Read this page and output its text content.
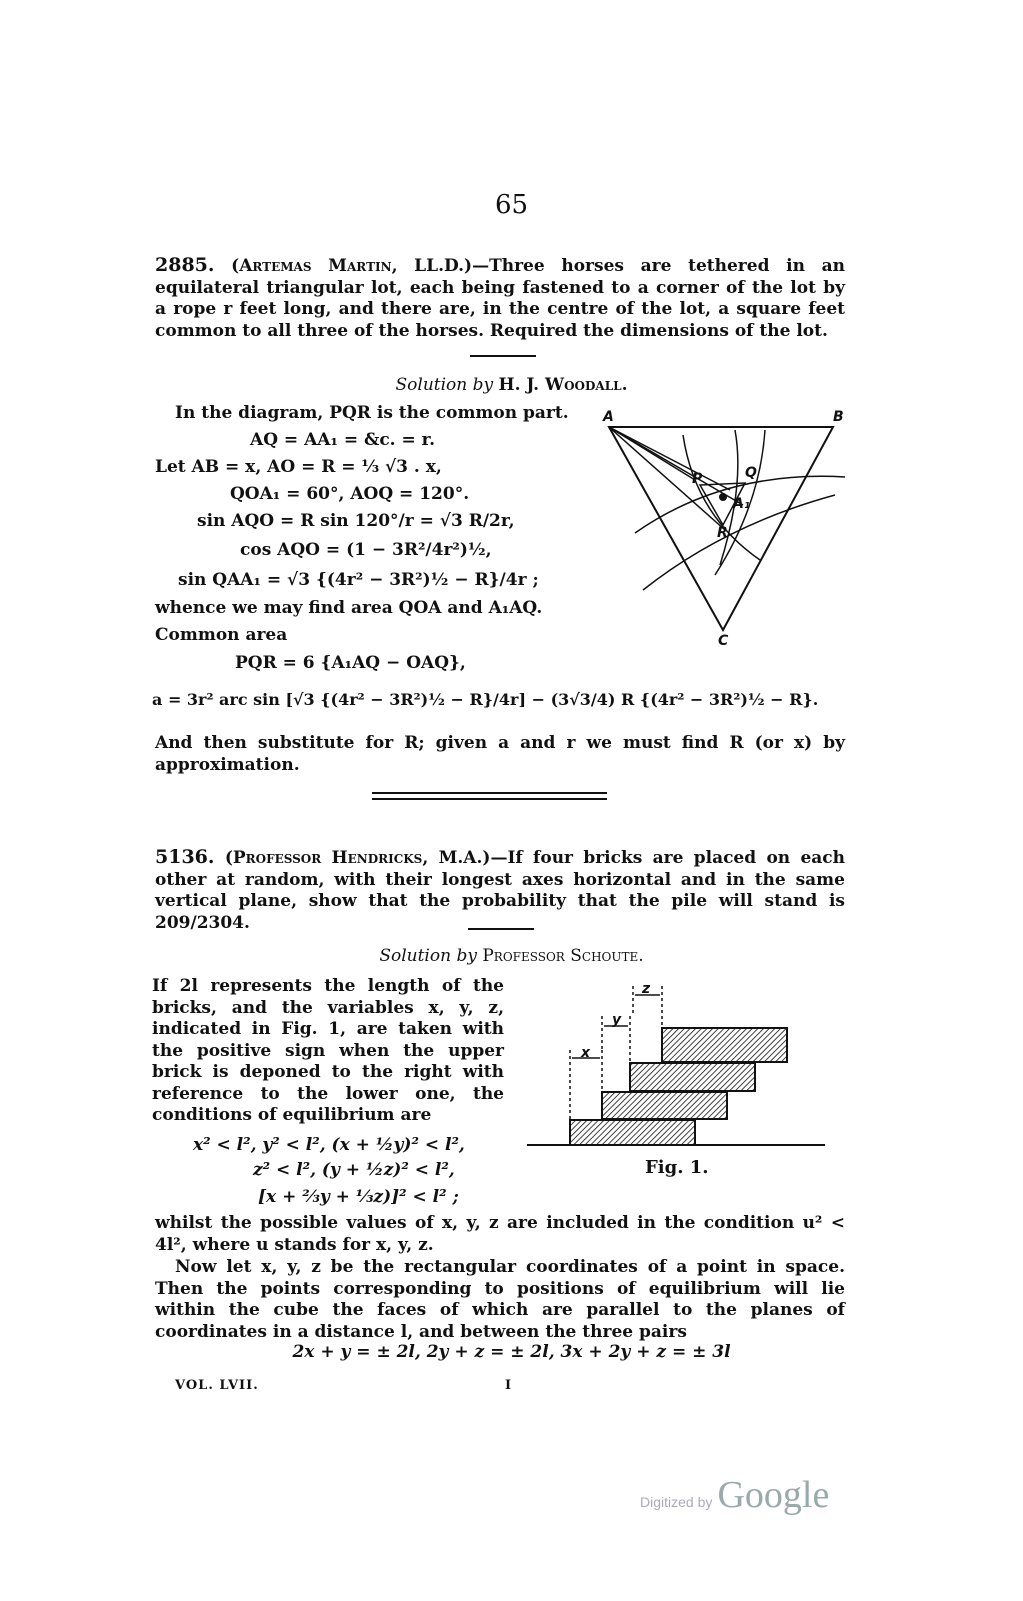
65
2885. (Artemas Martin, LL.D.)—Three horses are tethered in an equilateral triangular lot, each being fastened to a corner of the lot by a rope r feet long, and there are, in the centre of the lot, a square feet common to all three of the horses. Required the dimensions of the lot.
Solution by H. J. Woodall.
In the diagram, PQR is the common part.
AQ = AA₁ = &c. = r.
Let AB = x, AO = R = ⅓ √3 . x,
QOA₁ = 60°, AOQ = 120°.
sin AQO = R sin 120°/r = √3 R/2r,
cos AQO = (1 − 3R²/4r²)½,
sin QAA₁ = √3 {(4r² − 3R²)½ − R}/4r ;
whence we may find area QOA and A₁AQ.
Common area
PQR = 6 {A₁AQ − OAQ},
a = 3r² arc sin [√3 {(4r² − 3R²)½ − R}/4r] − (3√3/4) R {(4r² − 3R²)½ − R}.
And then substitute for R; given a and r we must find R (or x) by approximation.
A	B
C
P	Q
R
A₁
5136. (Professor Hendricks, M.A.)—If four bricks are placed on each other at random, with their longest axes horizontal and in the same vertical plane, show that the probability that the pile will stand is 209/2304.
Solution by Professor Schoute.
If 2l represents the length of the bricks, and the variables x, y, z, indicated in Fig. 1, are taken with the positive sign when the upper brick is deponed to the right with reference to the lower one, the conditions of equilibrium are
x² < l², y² < l², (x + ½y)² < l²,
z² < l², (y + ½z)² < l²,
[x + ⅔y + ⅓z)]² < l² ;
x
y
z
Fig. 1.
whilst the possible values of x, y, z are included in the condition u² < 4l², where u stands for x, y, z.
Now let x, y, z be the rectangular coordinates of a point in space. Then the points corresponding to positions of equilibrium will lie within the cube the faces of which are parallel to the planes of coordinates in a distance l, and between the three pairs
2x + y = ± 2l, 2y + z = ± 2l, 3x + 2y + z = ± 3l
VOL. LVII.	I
Digitized by Google
